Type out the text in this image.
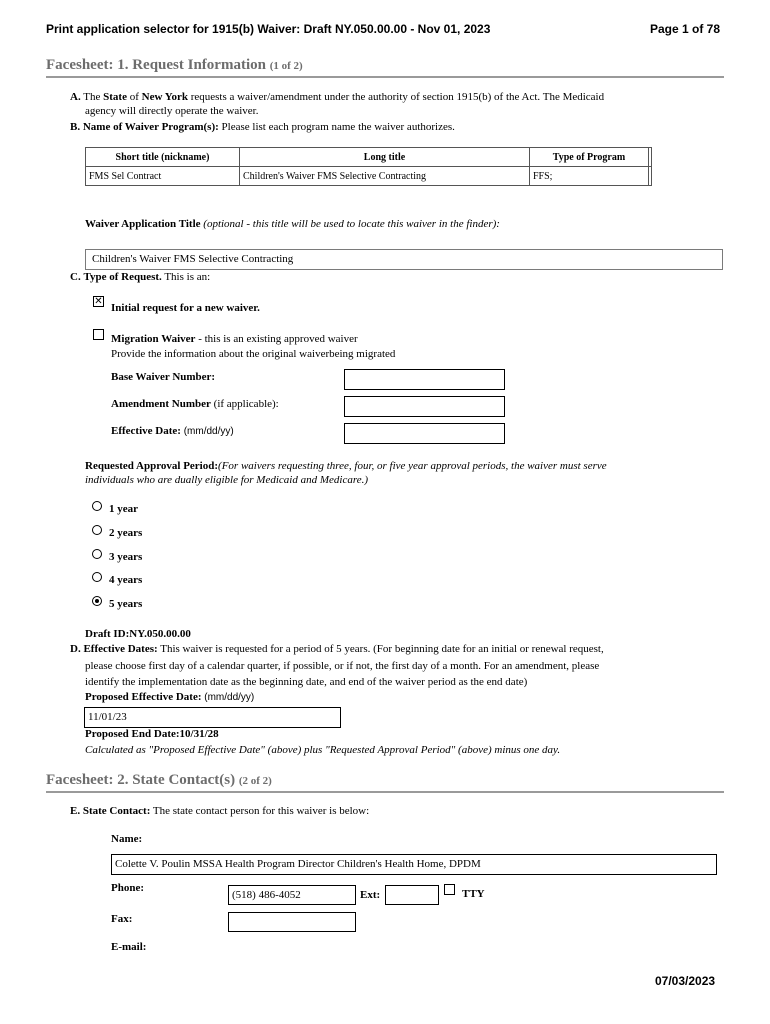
Print application selector for 1915(b) Waiver: Draft NY.050.00.00 - Nov 01, 2023	Page 1 of 78
Facesheet: 1. Request Information (1 of 2)
A. The State of New York requests a waiver/amendment under the authority of section 1915(b) of the Act. The Medicaid
agency will directly operate the waiver.
B. Name of Waiver Program(s): Please list each program name the waiver authorizes.
Short title (nickname)	Long title	Type of Program	
FMS Sel Contract	Children's Waiver FMS Selective Contracting	FFS;	
Waiver Application Title (optional - this title will be used to locate this waiver in the finder):
Children's Waiver FMS Selective Contracting
C. Type of Request. This is an:
✕
Initial request for a new waiver.
Migration Waiver - this is an existing approved waiver
Provide the information about the original waiverbeing migrated
Base Waiver Number:
Amendment Number (if applicable):
Effective Date: (mm/dd/yy)
Requested Approval Period:(For waivers requesting three, four, or five year approval periods, the waiver must serve
individuals who are dually eligible for Medicaid and Medicare.)
1 year
2 years
3 years
4 years
5 years
Draft ID:NY.050.00.00
D. Effective Dates: This waiver is requested for a period of 5 years. (For beginning date for an initial or renewal request,
please choose first day of a calendar quarter, if possible, or if not, the first day of a month. For an amendment, please
identify the implementation date as the beginning date, and end of the waiver period as the end date)
Proposed Effective Date: (mm/dd/yy)
11/01/23
Proposed End Date:10/31/28
Calculated as "Proposed Effective Date" (above) plus "Requested Approval Period" (above) minus one day.
Facesheet: 2. State Contact(s) (2 of 2)
E. State Contact: The state contact person for this waiver is below:
Name:
Colette V. Poulin MSSA Health Program Director Children's Health Home, DPDM
Phone:
(518) 486-4052	Ext:	TTY
Fax:
E-mail:
07/03/2023
